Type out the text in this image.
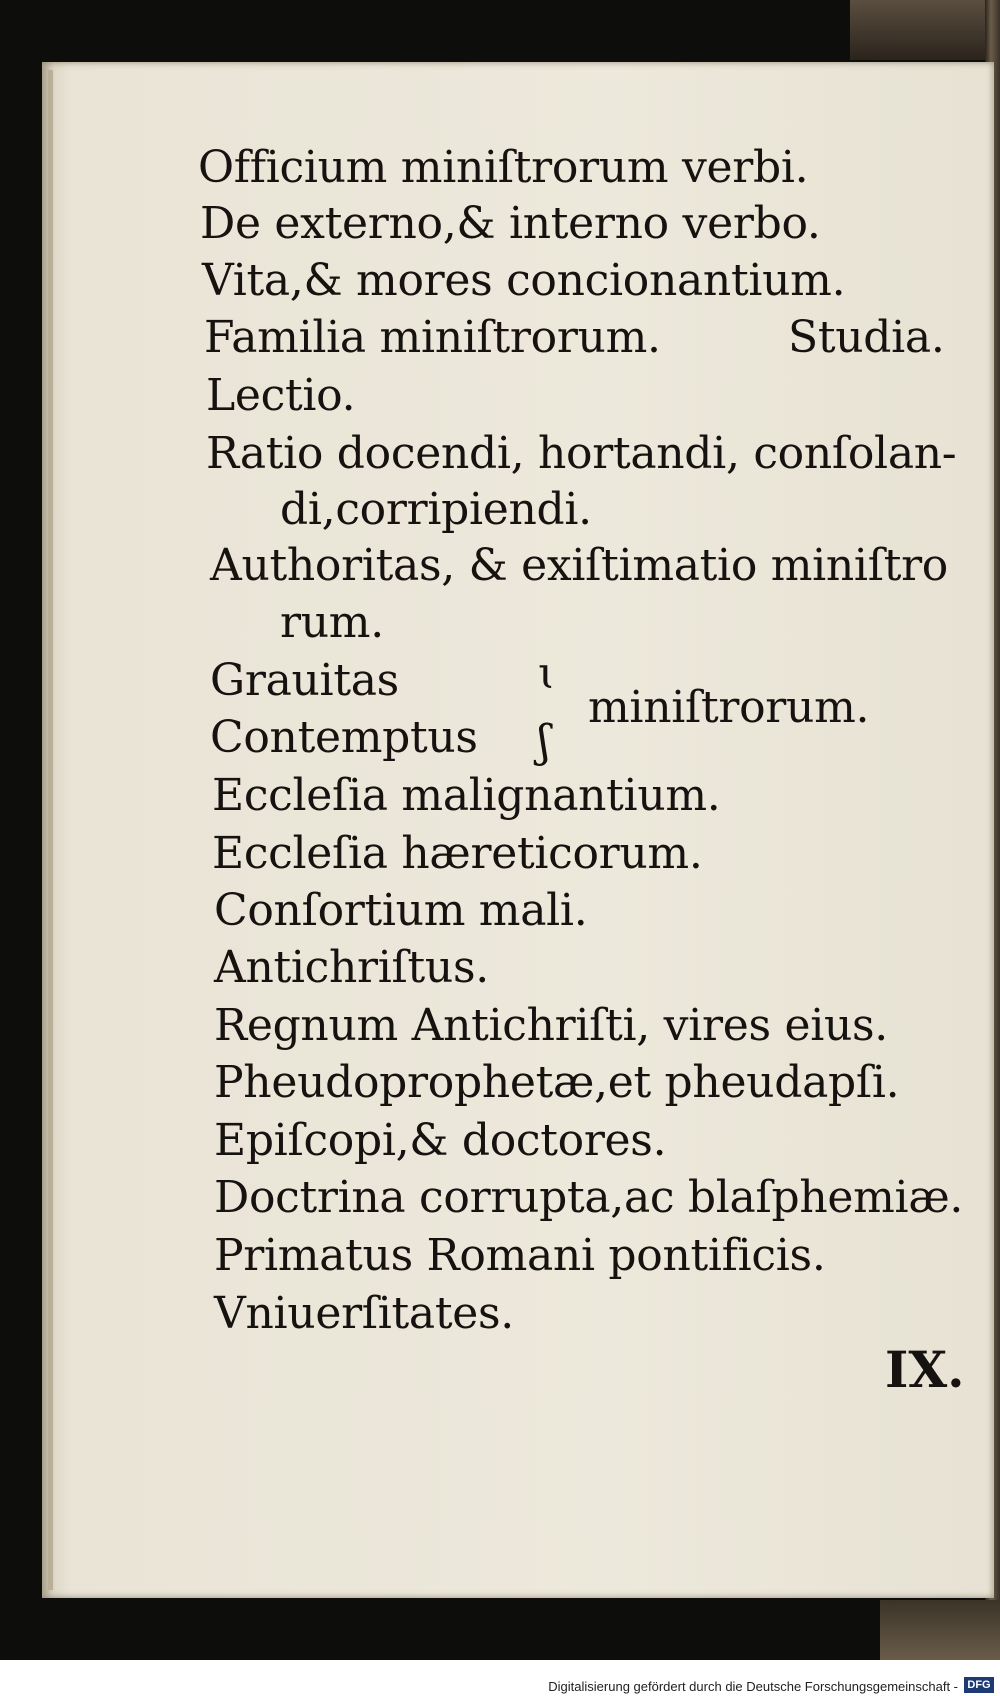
Officium miniſtrorum verbi.
De externo,& interno verbo.
Vita,& mores concionantium.
Familia miniſtrorum.	Studia.
Lectio.
Ratio docendi, hortandi, conſolan-
di,corripiendi.
Authoritas, & exiſtimatio miniſtro
rum.
Grauitas
Contemptus
ɩ
ʃ
miniſtrorum.
Eccleſia malignantium.
Eccleſia hæreticorum.
Conſortium mali.
Antichriſtus.
Regnum Antichriſti, vires eius.
Pheudoprophetæ,et pheudapſi.
Epiſcopi,& doctores.
Doctrina corrupta,ac blaſphemiæ.
Primatus Romani pontificis.
Vniuerſitates.
IX.
Digitalisierung gefördert durch die Deutsche Forschungsgemeinschaft - DFG
